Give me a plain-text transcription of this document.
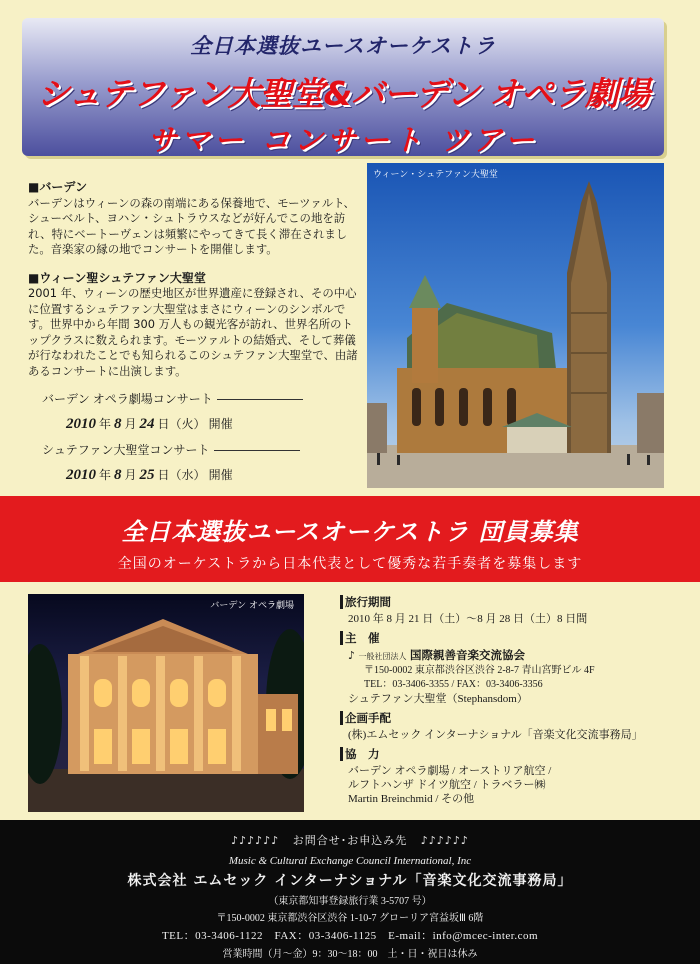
全日本選抜ユースオーケストラ
シュテファン大聖堂&バーデン オペラ劇場
サマー コンサート ツアー
■バーデン
バーデンはウィーンの森の南端にある保養地で、モーツァルト、シューベルト、ヨハン・シュトラウスなどが好んでこの地を訪れ、特にベートーヴェンは頻繁にやってきて長く滞在されました。音楽家の縁の地でコンサートを開催します。
■ウィーン聖シュテファン大聖堂
2001 年、ウィーンの歴史地区が世界遺産に登録され、その中心に位置するシュテファン大聖堂はまさにウィーンのシンボルです。世界中から年間 300 万人もの観光客が訪れ、世界名所のトップクラスに数えられます。モーツァルトの結婚式、そして葬儀が行なわれたことでも知られるこのシュテファン大聖堂で、由諸あるコンサートに出演します。
バーデン オペラ劇場コンサート
2010 年 8 月 24 日（火） 開催
シュテファン大聖堂コンサート
2010 年 8 月 25 日（水） 開催
ウィーン・シュテファン大聖堂
全日本選抜ユースオーケストラ 団員募集
全国のオーケストラから日本代表として優秀な若手奏者を募集します
バーデン オペラ劇場	旅行期間
2010 年 8 月 21 日（土）〜8 月 28 日（土）8 日間
主　催
♪ 一般社団法人 国際親善音楽交流協会
〒150-0002 東京都渋谷区渋谷 2-8-7 青山宮野ビル 4F
TEL：03-3406-3355 / FAX：03-3406-3356
シュテファン大聖堂（Stephansdom）
企画手配
(株)エムセック インターナショナル「音楽文化交流事務局」
協　力
バーデン オペラ劇場 / オーストリア航空 /
ルフトハンザ ドイツ航空 / トラベラー㈱
Martin Breinchmid / その他
♪♪♪♪♪♪ お問合せ･お申込み先 ♪♪♪♪♪♪
Music & Cultural Exchange Council International, Inc
株式会社 エムセック インターナショナル「音楽文化交流事務局」
（東京都知事登録旅行業 3-5707 号）
〒150-0002 東京都渋谷区渋谷 1-10-7 グローリア宮益坂Ⅲ 6階
TEL：03-3406-1122　FAX：03-3406-1125　E-mail：info@mcec-inter.com
営業時間（月〜金）9：30〜18：00　土・日・祝日は休み
